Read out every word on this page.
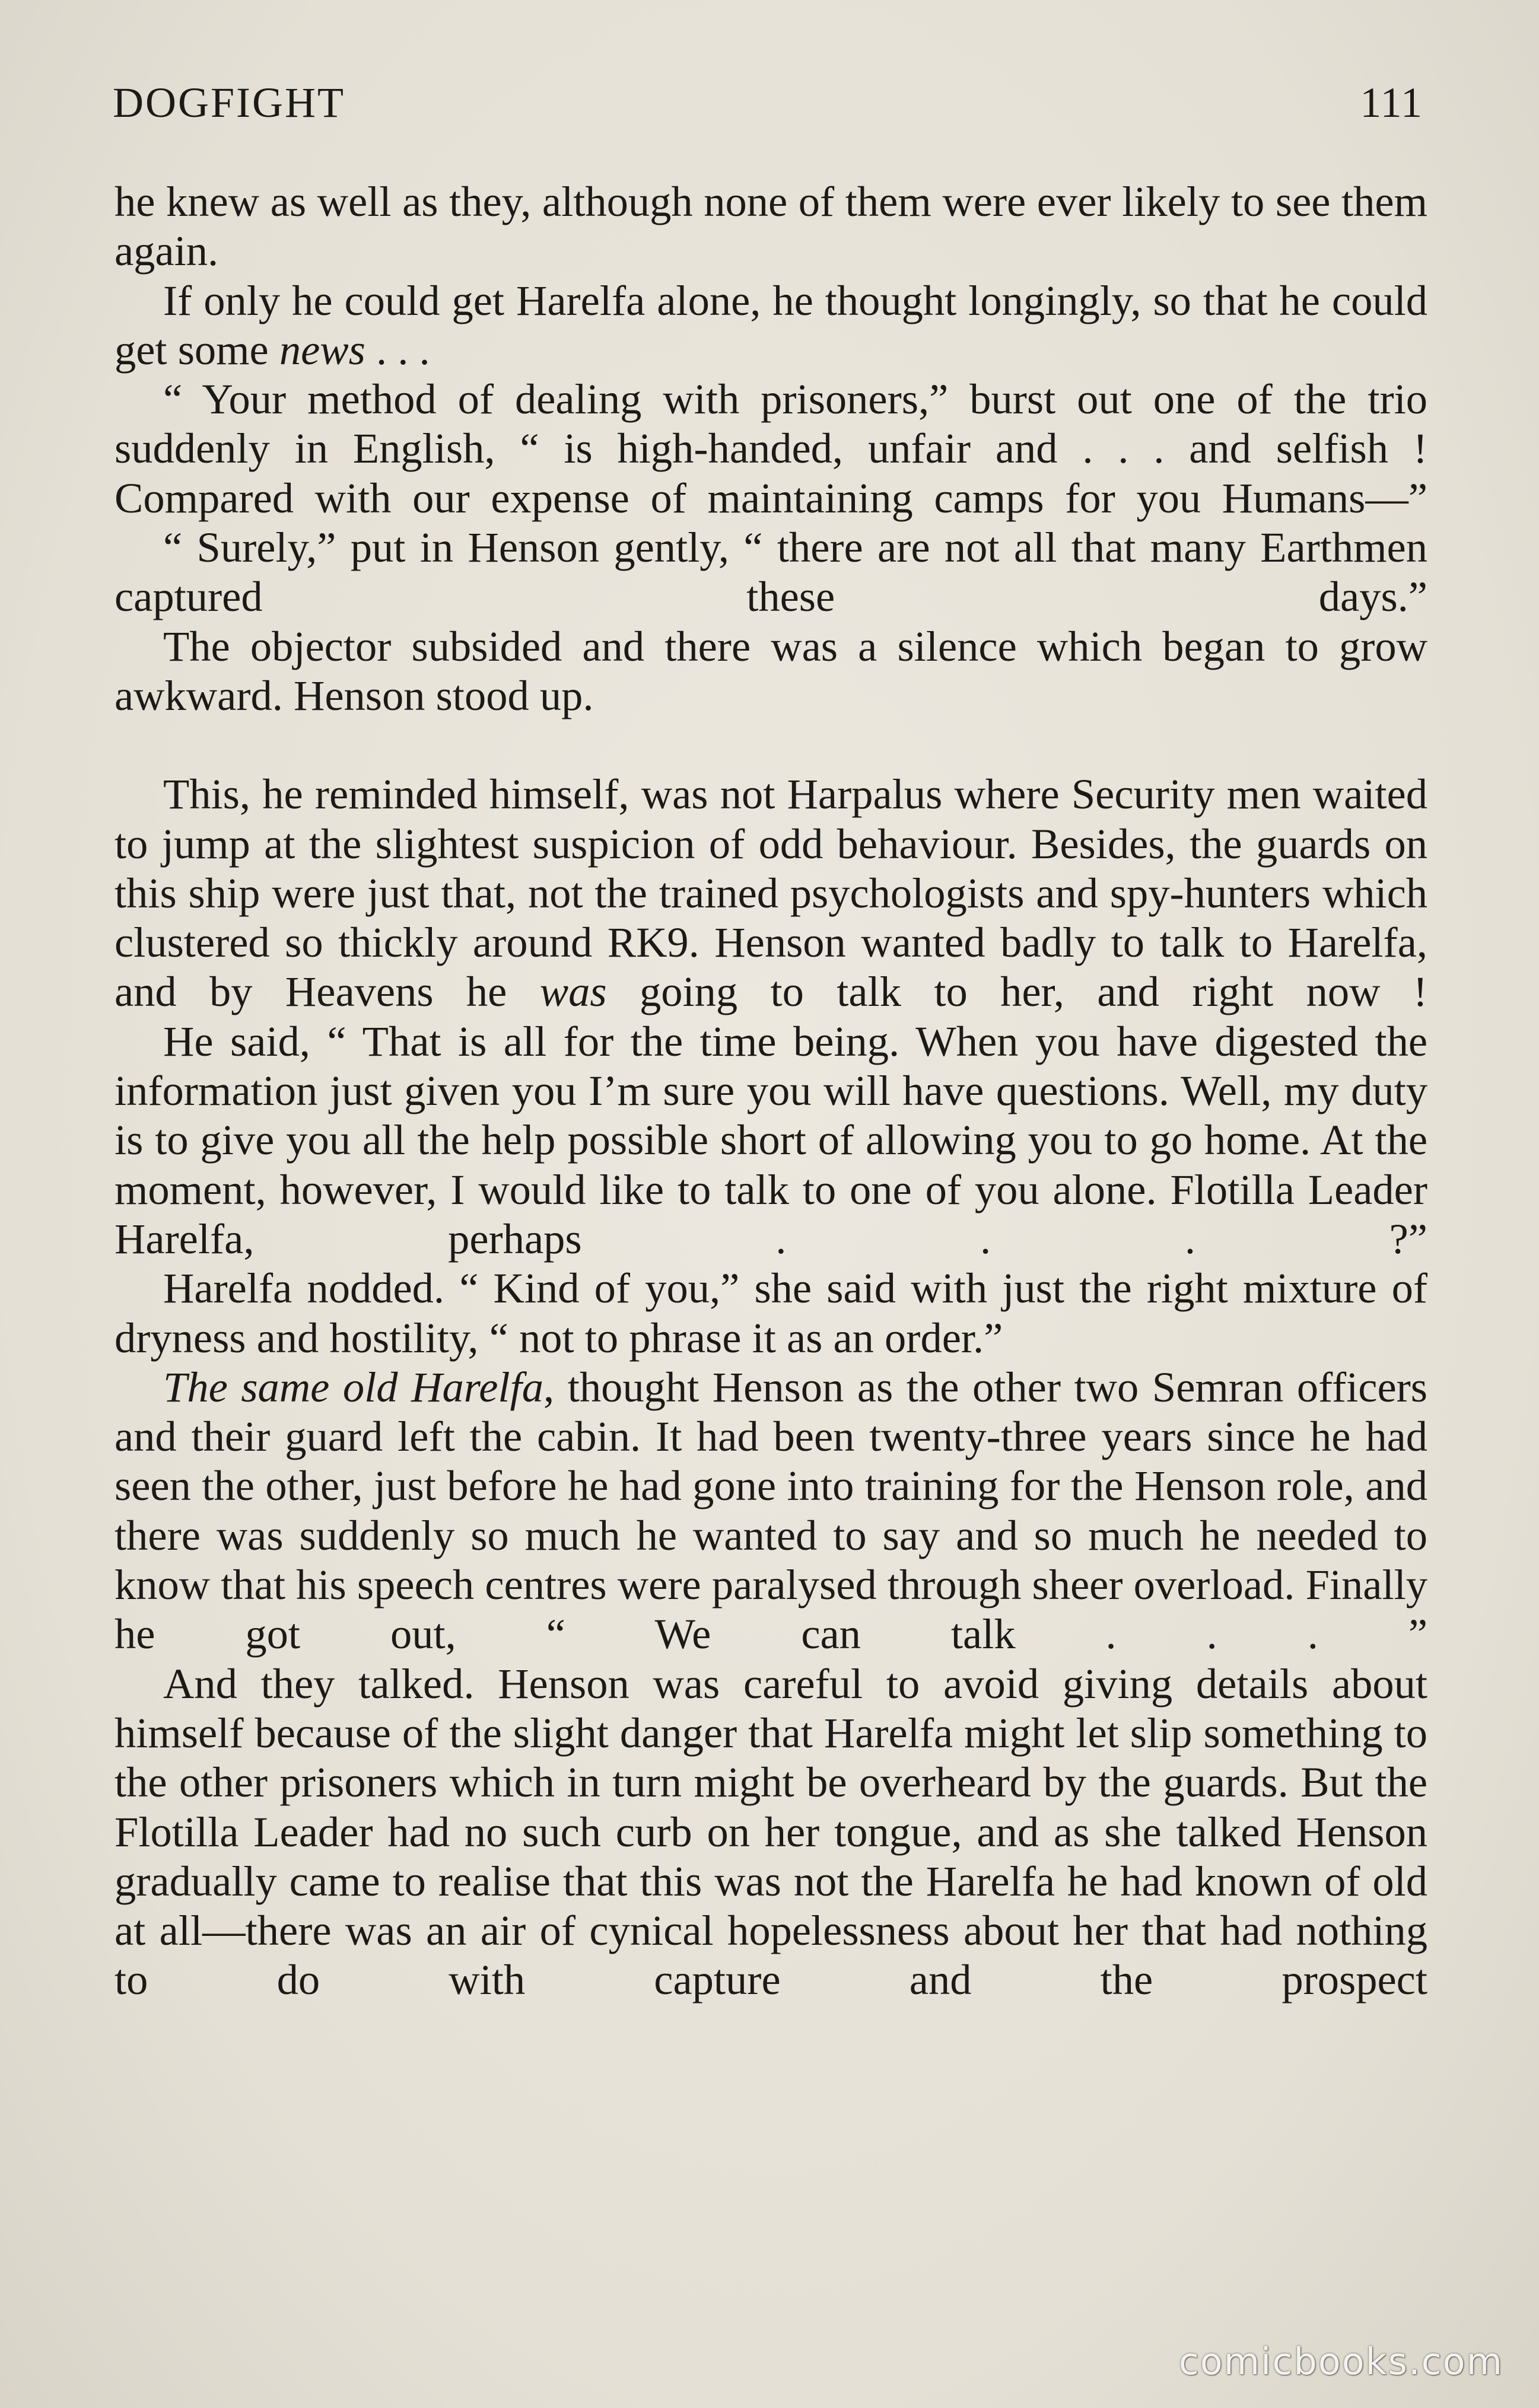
DOGFIGHT	111

he knew as well as they, although none of them were ever likely to see them again.

If only he could get Harelfa alone, he thought longingly, so that he could get some news . . .

“ Your method of dealing with prisoners,” burst out one of the trio suddenly in English, “ is high-handed, unfair and . . . and selfish ! Compared with our expense of maintaining camps for you Humans—”

“ Surely,” put in Henson gently, “ there are not all that many Earthmen captured these days.”

The objector subsided and there was a silence which began to grow awkward. Henson stood up.

This, he reminded himself, was not Harpalus where Security men waited to jump at the slightest suspicion of odd behaviour. Besides, the guards on this ship were just that, not the trained psychologists and spy-hunters which clustered so thickly around RK9. Henson wanted badly to talk to Harelfa, and by Heavens he was going to talk to her, and right now !

He said, “ That is all for the time being. When you have digested the information just given you I’m sure you will have questions. Well, my duty is to give you all the help possible short of allowing you to go home. At the moment, however, I would like to talk to one of you alone. Flotilla Leader Harelfa, perhaps . . . ?”

Harelfa nodded. “ Kind of you,” she said with just the right mixture of dryness and hostility, “ not to phrase it as an order.”

The same old Harelfa, thought Henson as the other two Semran officers and their guard left the cabin. It had been twenty-three years since he had seen the other, just before he had gone into training for the Henson role, and there was suddenly so much he wanted to say and so much he needed to know that his speech centres were paralysed through sheer overload. Finally he got out, “ We can talk . . . ”

And they talked. Henson was careful to avoid giving details about himself because of the slight danger that Harelfa might let slip something to the other prisoners which in turn might be overheard by the guards. But the Flotilla Leader had no such curb on her tongue, and as she talked Henson gradually came to realise that this was not the Harelfa he had known of old at all—there was an air of cynical hopelessness about her that had nothing to do with capture and the prospect

comicbooks.com
